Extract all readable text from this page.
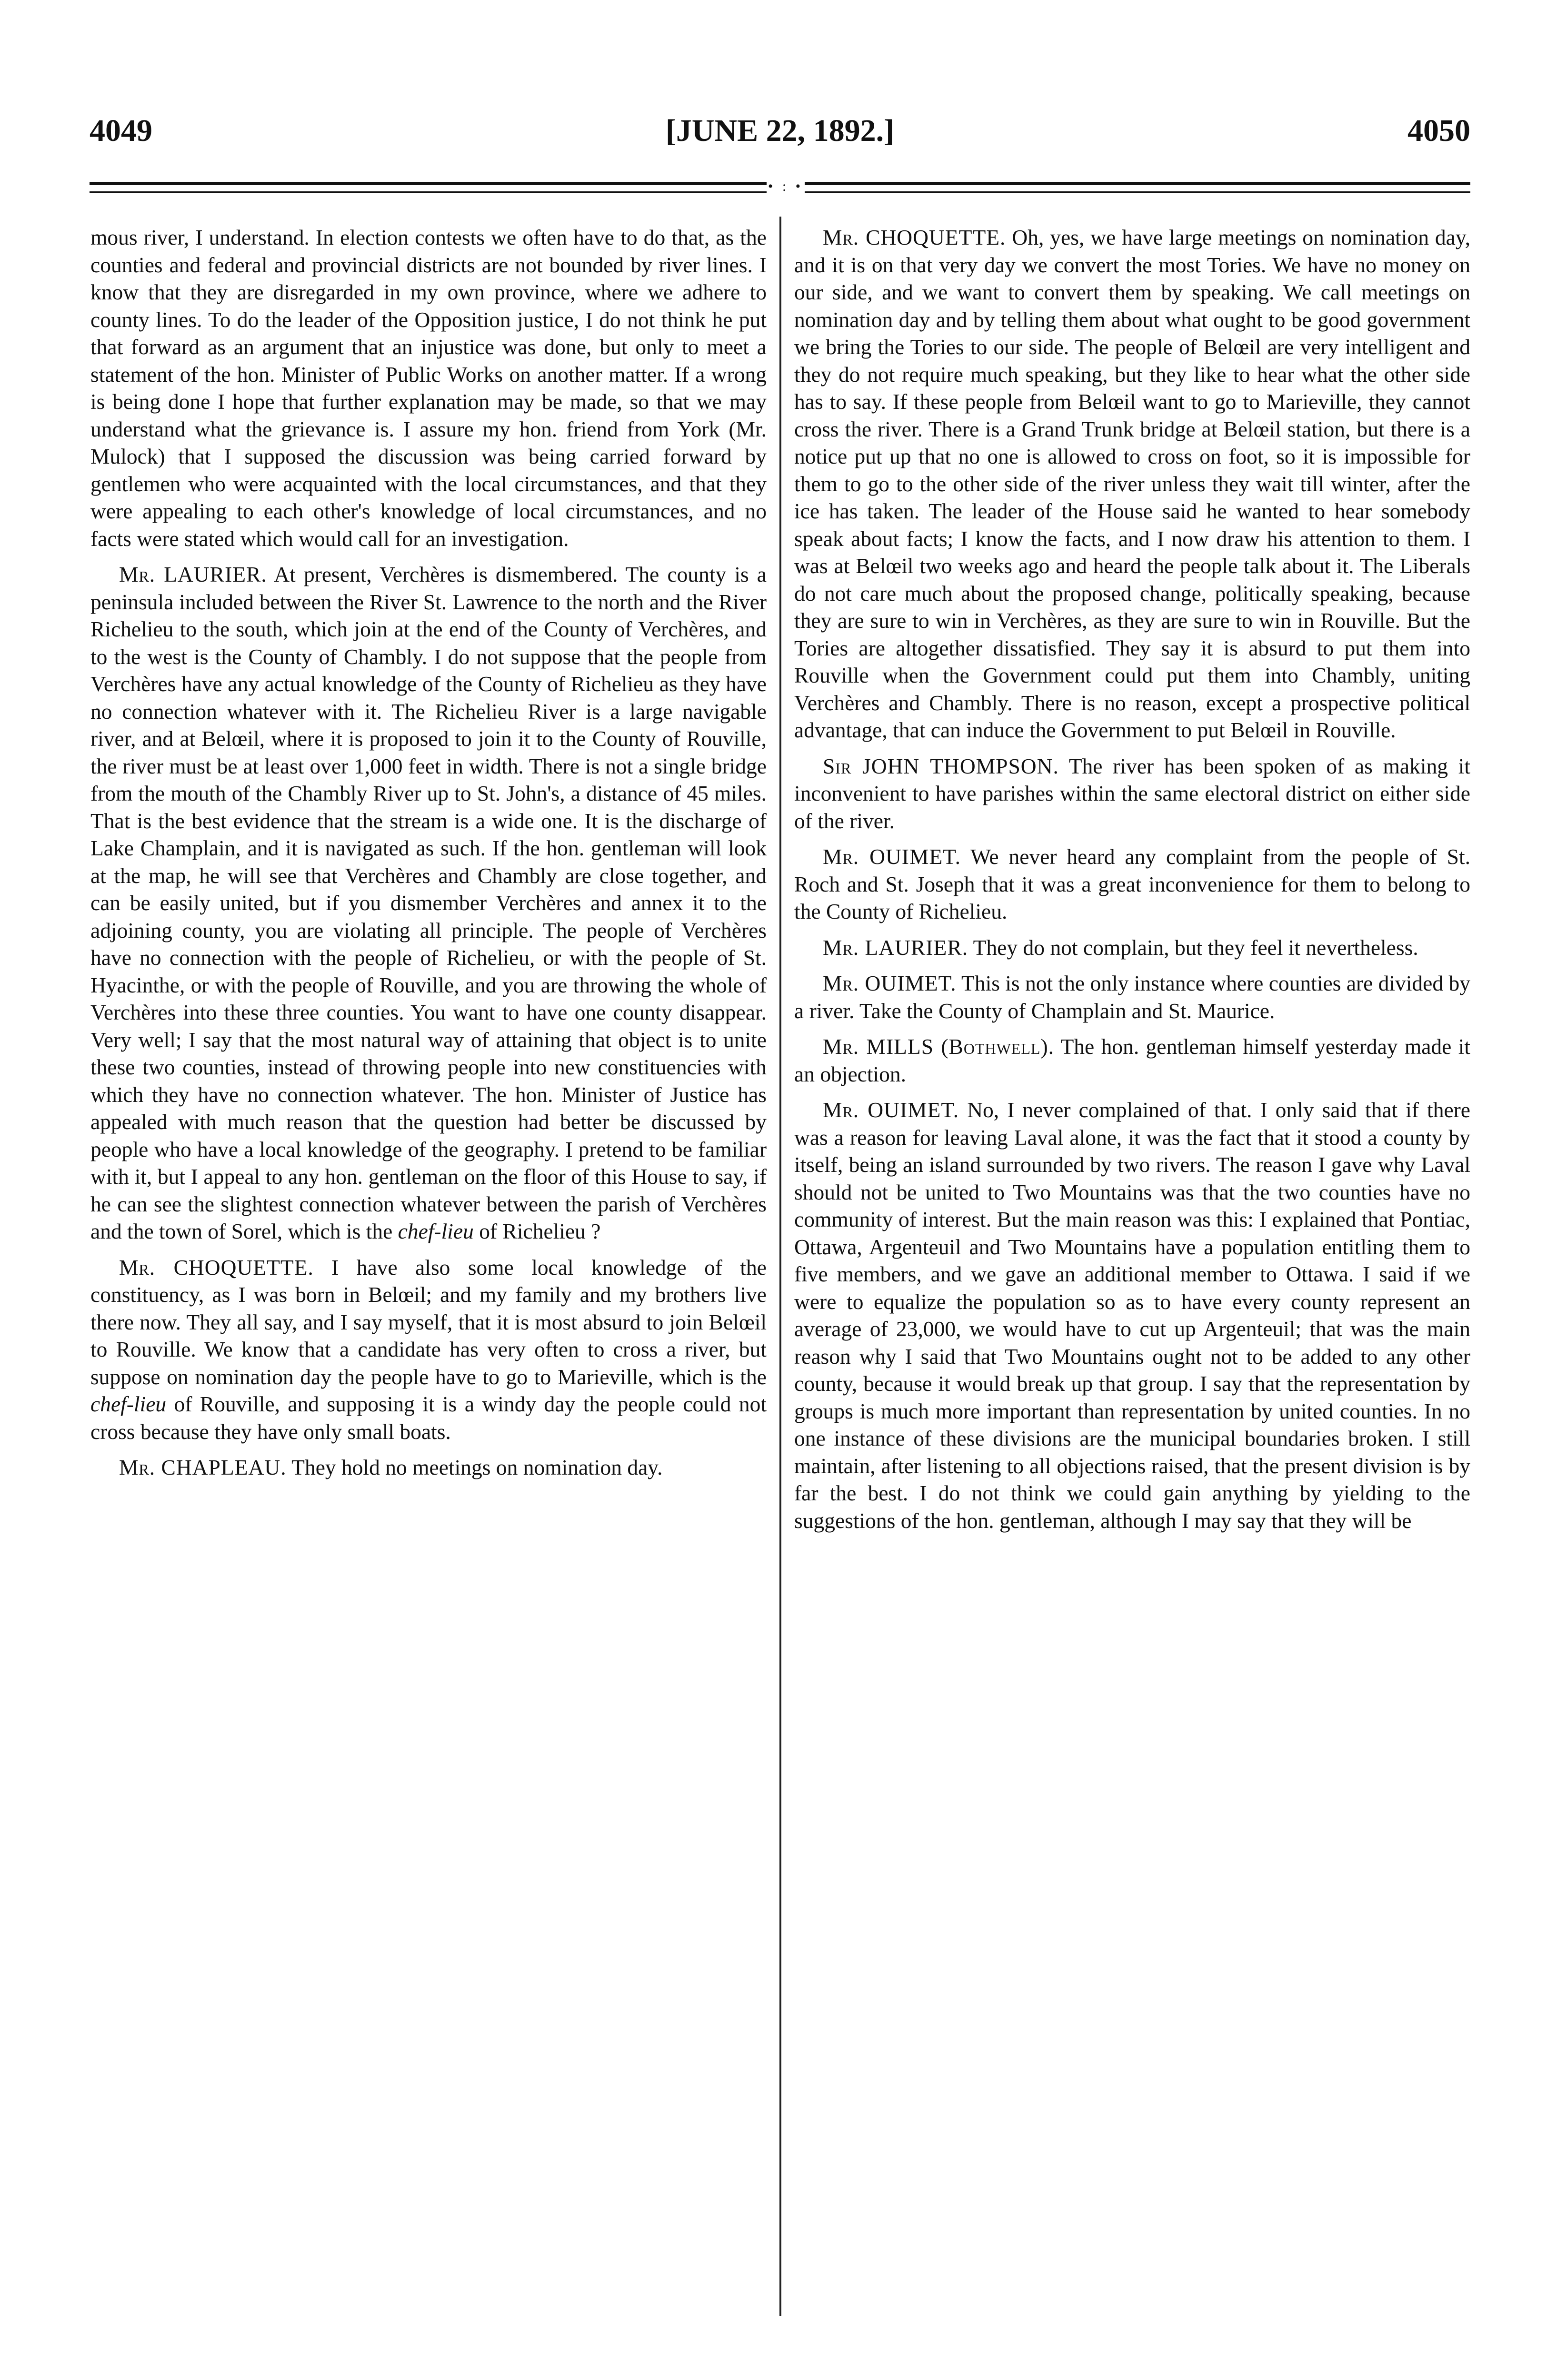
4049	[JUNE 22, 1892.]	4050
• : •

mous river, I understand. In election contests we often have to do that, as the counties and federal and provincial districts are not bounded by river lines. I know that they are disregarded in my own province, where we adhere to county lines. To do the leader of the Opposition justice, I do not think he put that forward as an argument that an injustice was done, but only to meet a statement of the hon. Minister of Public Works on another matter. If a wrong is being done I hope that further explanation may be made, so that we may understand what the grievance is. I assure my hon. friend from York (Mr. Mulock) that I supposed the discussion was being carried forward by gentlemen who were acquainted with the local circumstances, and that they were appealing to each other's knowledge of local circumstances, and no facts were stated which would call for an investigation.

Mr. LAURIER. At present, Verchères is dismembered. The county is a peninsula included between the River St. Lawrence to the north and the River Richelieu to the south, which join at the end of the County of Verchères, and to the west is the County of Chambly. I do not suppose that the people from Verchères have any actual knowledge of the County of Richelieu as they have no connection whatever with it. The Richelieu River is a large navigable river, and at Belœil, where it is proposed to join it to the County of Rouville, the river must be at least over 1,000 feet in width. There is not a single bridge from the mouth of the Chambly River up to St. John's, a distance of 45 miles. That is the best evidence that the stream is a wide one. It is the discharge of Lake Champlain, and it is navigated as such. If the hon. gentleman will look at the map, he will see that Verchères and Chambly are close together, and can be easily united, but if you dismember Verchères and annex it to the adjoining county, you are violating all principle. The people of Verchères have no connection with the people of Richelieu, or with the people of St. Hyacinthe, or with the people of Rouville, and you are throwing the whole of Verchères into these three counties. You want to have one county disappear. Very well; I say that the most natural way of attaining that object is to unite these two counties, instead of throwing people into new constituencies with which they have no connection whatever. The hon. Minister of Justice has appealed with much reason that the question had better be discussed by people who have a local knowledge of the geography. I pretend to be familiar with it, but I appeal to any hon. gentleman on the floor of this House to say, if he can see the slightest connection whatever between the parish of Verchères and the town of Sorel, which is the chef-lieu of Richelieu ?

Mr. CHOQUETTE. I have also some local knowledge of the constituency, as I was born in Belœil; and my family and my brothers live there now. They all say, and I say myself, that it is most absurd to join Belœil to Rouville. We know that a candidate has very often to cross a river, but suppose on nomination day the people have to go to Marieville, which is the chef-lieu of Rouville, and supposing it is a windy day the people could not cross because they have only small boats.

Mr. CHAPLEAU. They hold no meetings on nomination day.

Mr. CHOQUETTE. Oh, yes, we have large meetings on nomination day, and it is on that very day we convert the most Tories. We have no money on our side, and we want to convert them by speaking. We call meetings on nomination day and by telling them about what ought to be good government we bring the Tories to our side. The people of Belœil are very intelligent and they do not require much speaking, but they like to hear what the other side has to say. If these people from Belœil want to go to Marieville, they cannot cross the river. There is a Grand Trunk bridge at Belœil station, but there is a notice put up that no one is allowed to cross on foot, so it is impossible for them to go to the other side of the river unless they wait till winter, after the ice has taken. The leader of the House said he wanted to hear somebody speak about facts; I know the facts, and I now draw his attention to them. I was at Belœil two weeks ago and heard the people talk about it. The Liberals do not care much about the proposed change, politically speaking, because they are sure to win in Verchères, as they are sure to win in Rouville. But the Tories are altogether dissatisfied. They say it is absurd to put them into Rouville when the Government could put them into Chambly, uniting Verchères and Chambly. There is no reason, except a prospective political advantage, that can induce the Government to put Belœil in Rouville.

Sir JOHN THOMPSON. The river has been spoken of as making it inconvenient to have parishes within the same electoral district on either side of the river.

Mr. OUIMET. We never heard any complaint from the people of St. Roch and St. Joseph that it was a great inconvenience for them to belong to the County of Richelieu.

Mr. LAURIER. They do not complain, but they feel it nevertheless.

Mr. OUIMET. This is not the only instance where counties are divided by a river. Take the County of Champlain and St. Maurice.

Mr. MILLS (Bothwell). The hon. gentleman himself yesterday made it an objection.

Mr. OUIMET. No, I never complained of that. I only said that if there was a reason for leaving Laval alone, it was the fact that it stood a county by itself, being an island surrounded by two rivers. The reason I gave why Laval should not be united to Two Mountains was that the two counties have no community of interest. But the main reason was this: I explained that Pontiac, Ottawa, Argenteuil and Two Mountains have a population entitling them to five members, and we gave an additional member to Ottawa. I said if we were to equalize the population so as to have every county represent an average of 23,000, we would have to cut up Argenteuil; that was the main reason why I said that Two Mountains ought not to be added to any other county, because it would break up that group. I say that the representation by groups is much more important than representation by united counties. In no one instance of these divisions are the municipal boundaries broken. I still maintain, after listening to all objections raised, that the present division is by far the best. I do not think we could gain anything by yielding to the suggestions of the hon. gentleman, although I may say that they will be
